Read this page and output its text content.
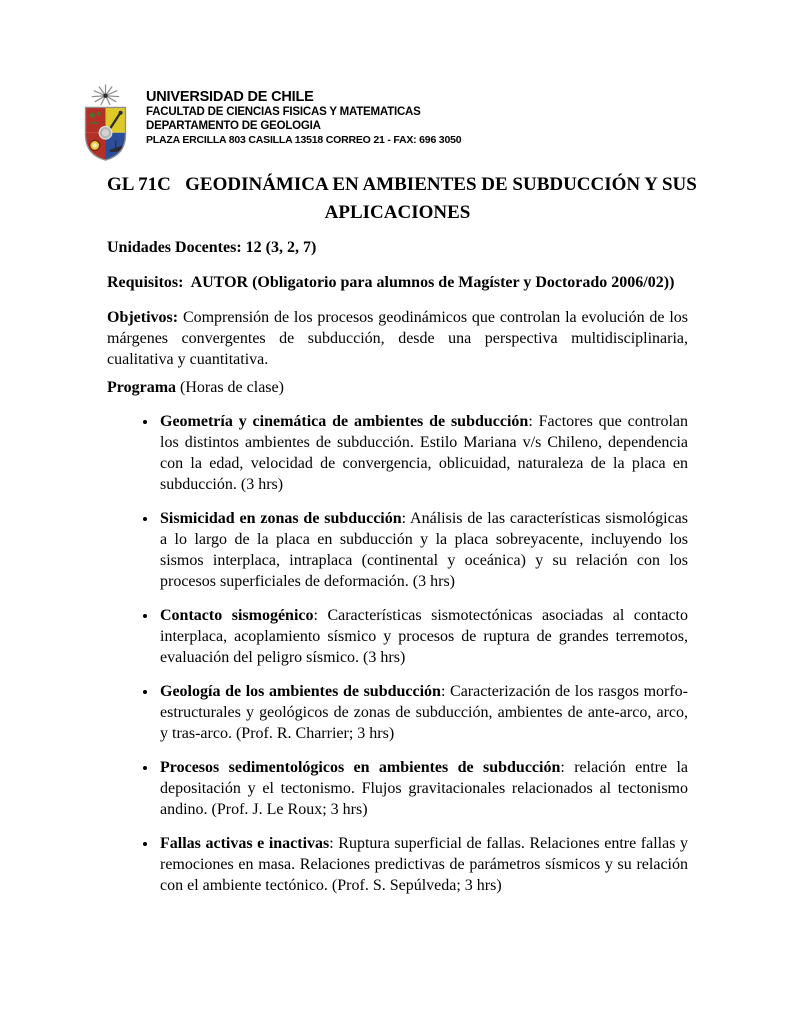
UNIVERSIDAD DE CHILE
FACULTAD DE CIENCIAS FISICAS Y MATEMATICAS
DEPARTAMENTO DE GEOLOGIA
PLAZA ERCILLA 803 CASILLA 13518 CORREO 21 - FAX: 696 3050
GL 71C   GEODINÁMICA EN AMBIENTES DE SUBDUCCIÓN Y SUS
APLICACIONES

Unidades Docentes: 12 (3, 2, 7)

Requisitos:  AUTOR (Obligatorio para alumnos de Magíster y Doctorado 2006/02))

Objetivos: Comprensión de los procesos geodinámicos que controlan la evolución de los márgenes convergentes de subducción, desde una perspectiva multidisciplinaria, cualitativa y cuantitativa.

Programa (Horas de clase)

• Geometría y cinemática de ambientes de subducción: Factores que controlan los distintos ambientes de subducción. Estilo Mariana v/s Chileno, dependencia con la edad, velocidad de convergencia, oblicuidad, naturaleza de la placa en subducción. (3 hrs)
• Sismicidad en zonas de subducción: Análisis de las características sismológicas a lo largo de la placa en subducción y la placa sobreyacente, incluyendo los sismos interplaca, intraplaca (continental y oceánica) y su relación con los procesos superficiales de deformación. (3 hrs)
• Contacto sismogénico: Características sismotectónicas asociadas al contacto interplaca, acoplamiento sísmico y procesos de ruptura de grandes terremotos, evaluación del peligro sísmico. (3 hrs)
• Geología de los ambientes de subducción: Caracterización de los rasgos morfo-estructurales y geológicos de zonas de subducción, ambientes de ante-arco, arco, y tras-arco. (Prof. R. Charrier; 3 hrs)
• Procesos sedimentológicos en ambientes de subducción: relación entre la depositación y el tectonismo. Flujos gravitacionales relacionados al tectonismo andino. (Prof. J. Le Roux; 3 hrs)
• Fallas activas e inactivas: Ruptura superficial de fallas. Relaciones entre fallas y remociones en masa. Relaciones predictivas de parámetros sísmicos y su relación con el ambiente tectónico. (Prof. S. Sepúlveda; 3 hrs)
